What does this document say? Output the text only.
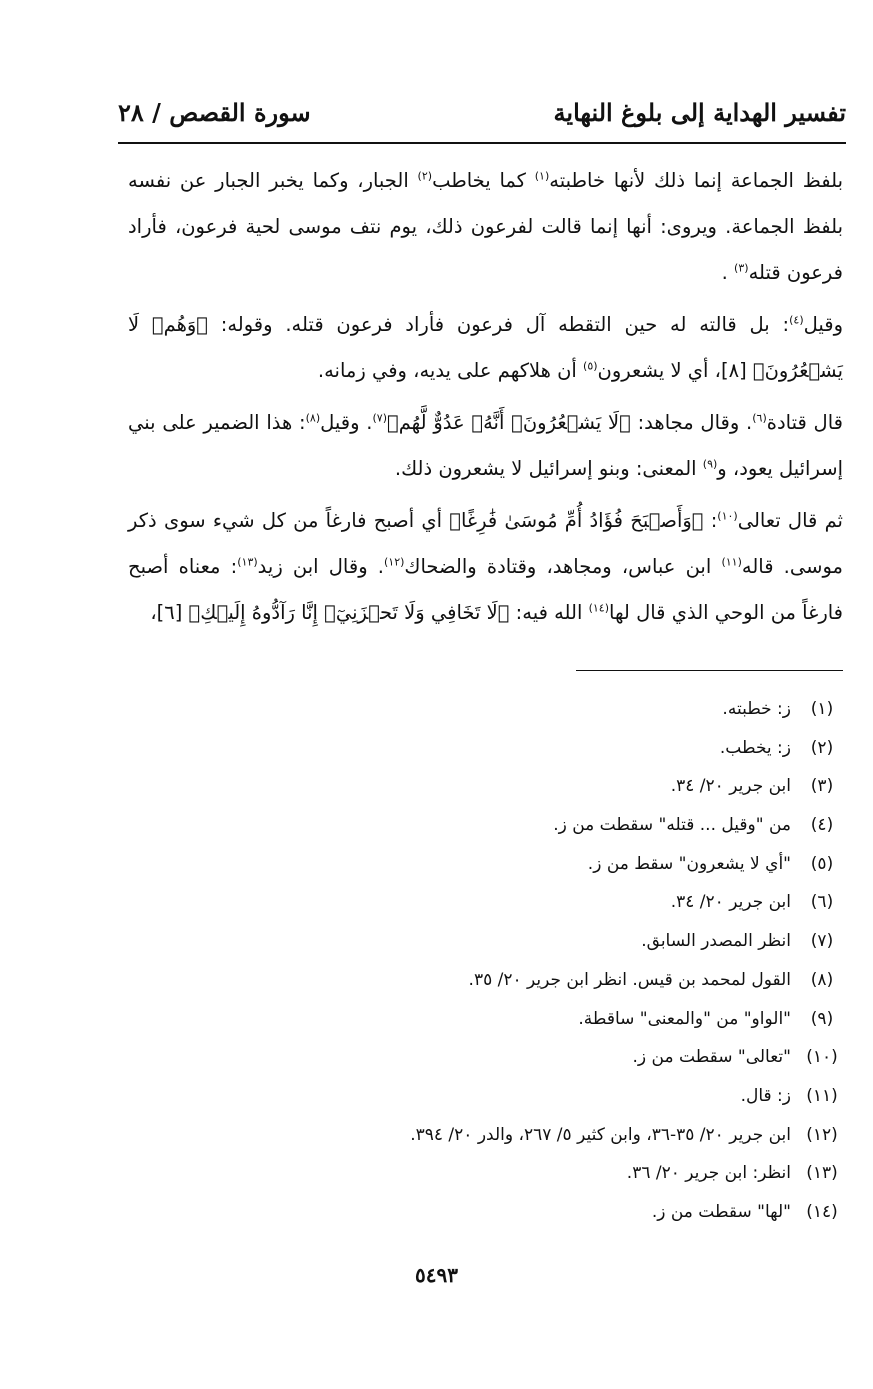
تفسير الهداية إلى بلوغ النهاية
سورة القصص / ٢٨

بلفظ الجماعة إنما ذلك لأنها خاطبته$^{(١)}$ كما يخاطب$^{(٢)}$ الجبار، وكما يخبر الجبار عن نفسه بلفظ الجماعة. ويروى: أنها إنما قالت لفرعون ذلك، يوم نتف موسى لحية فرعون، فأراد فرعون قتله$^{(٣)}$ .

وقيل$^{(٤)}$: بل قالته له حين التقطه آل فرعون فأراد فرعون قتله. وقوله: ﴿وَهُمۡ لَا يَشۡعُرُونَ﴾ [٨]، أي لا يشعرون$^{(٥)}$ أن هلاكهم على يديه، وفي زمانه.

قال قتادة$^{(٦)}$. وقال مجاهد: ﴿لَا يَشۡعُرُونَ﴾ أَنَّهُۥ عَدُوٌّ لَّهُمۡ$^{(٧)}$. وقيل$^{(٨)}$: هذا الضمير على بني إسرائيل يعود، و$^{(٩)}$ المعنى: وبنو إسرائيل لا يشعرون ذلك.

ثم قال تعالى$^{(١٠)}$: ﴿وَأَصۡبَحَ فُؤَادُ أُمِّ مُوسَىٰ فَٰرِغًا﴾ أي أصبح فارغاً من كل شيء سوى ذكر موسى. قاله$^{(١١)}$ ابن عباس، ومجاهد، وقتادة والضحاك$^{(١٢)}$. وقال ابن زيد$^{(١٣)}$: معناه أصبح فارغاً من الوحي الذي قال لها$^{(١٤)}$ الله فيه: ﴿لَا تَخَافِي وَلَا تَحۡزَنِيٓۖ إِنَّا رَآدُّوهُ إِلَيۡكِ﴾ [٦]،

(١)ز: خطبته.
(٢)ز: يخطب.
(٣)ابن جرير ٢٠/ ٣٤.
(٤)من "وقيل ... قتله" سقطت من ز.
(٥)"أي لا يشعرون" سقط من ز.
(٦)ابن جرير ٢٠/ ٣٤.
(٧)انظر المصدر السابق.
(٨)القول لمحمد بن قيس. انظر ابن جرير ٢٠/ ٣٥.
(٩)"الواو" من "والمعنى" ساقطة.
(١٠)"تعالى" سقطت من ز.
(١١)ز: قال.
(١٢)ابن جرير ٢٠/ ٣٥-٣٦، وابن كثير ٥/ ٢٦٧، والدر ٢٠/ ٣٩٤.
(١٣)انظر: ابن جرير ٢٠/ ٣٦.
(١٤)"لها" سقطت من ز.
٥٤٩٣
